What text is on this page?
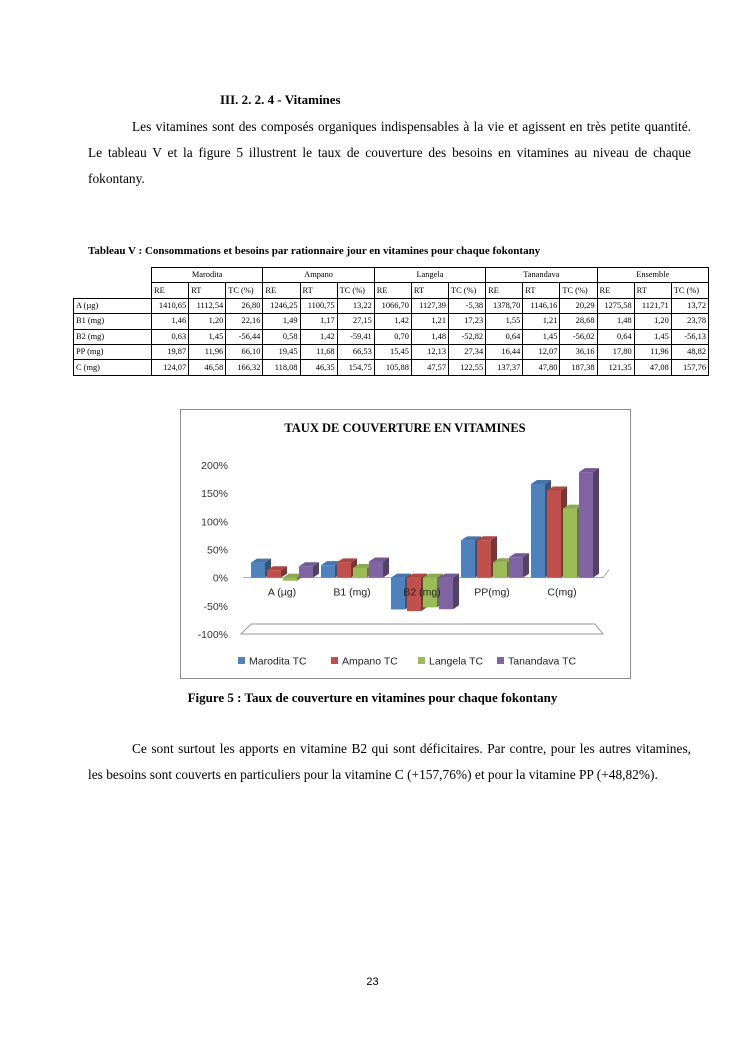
III. 2. 2. 4 - Vitamines

Les vitamines sont des composés organiques indispensables à la vie et agissent en très petite quantité. Le tableau V et la figure 5 illustrent le taux de couverture des besoins en vitamines au niveau de chaque fokontany.

Tableau V : Consommations et besoins par rationnaire jour en vitamines pour chaque fokontany
	Marodita			Ampano			Langela			Tanandava			Ensemble		
	RE	RT	TC (%)	RE	RT	TC (%)	RE	RT	TC (%)	RE	RT	TC (%)	RE	RT	TC (%)
A (µg)	1410,65	1112,54	26,80	1246,25	1100,75	13,22	1066,70	1127,39	-5,38	1378,70	1146,16	20,29	1275,58	1121,71	13,72
B1 (mg)	1,46	1,20	22,16	1,49	1,17	27,15	1,42	1,21	17,23	1,55	1,21	28,68	1,48	1,20	23,78
B2 (mg)	0,63	1,45	-56,44	0,58	1,42	-59,41	0,70	1,48	-52,82	0,64	1,45	-56,02	0,64	1,45	-56,13
PP (mg)	19,87	11,96	66,10	19,45	11,68	66,53	15,45	12,13	27,34	16,44	12,07	36,16	17,80	11,96	48,82
C (mg)	124,07	46,58	166,32	118,08	46,35	154,75	105,88	47,57	122,55	137,37	47,80	187,38	121,35	47,08	157,76
TAUX DE COUVERTURE EN VITAMINES
200%
150%
100%
50%
0%
-50%
-100%
A (µg)	B1 (mg)	B2 (mg)	PP(mg)	C(mg)
Marodita TC	Ampano TC	Langela TC Tanandava TC
Figure 5 : Taux de couverture en vitamines pour chaque fokontany

Ce sont surtout les apports en vitamine B2 qui sont déficitaires. Par contre, pour les autres vitamines, les besoins sont couverts en particuliers pour la vitamine C (+157,76%) et pour la vitamine PP (+48,82%).

23
